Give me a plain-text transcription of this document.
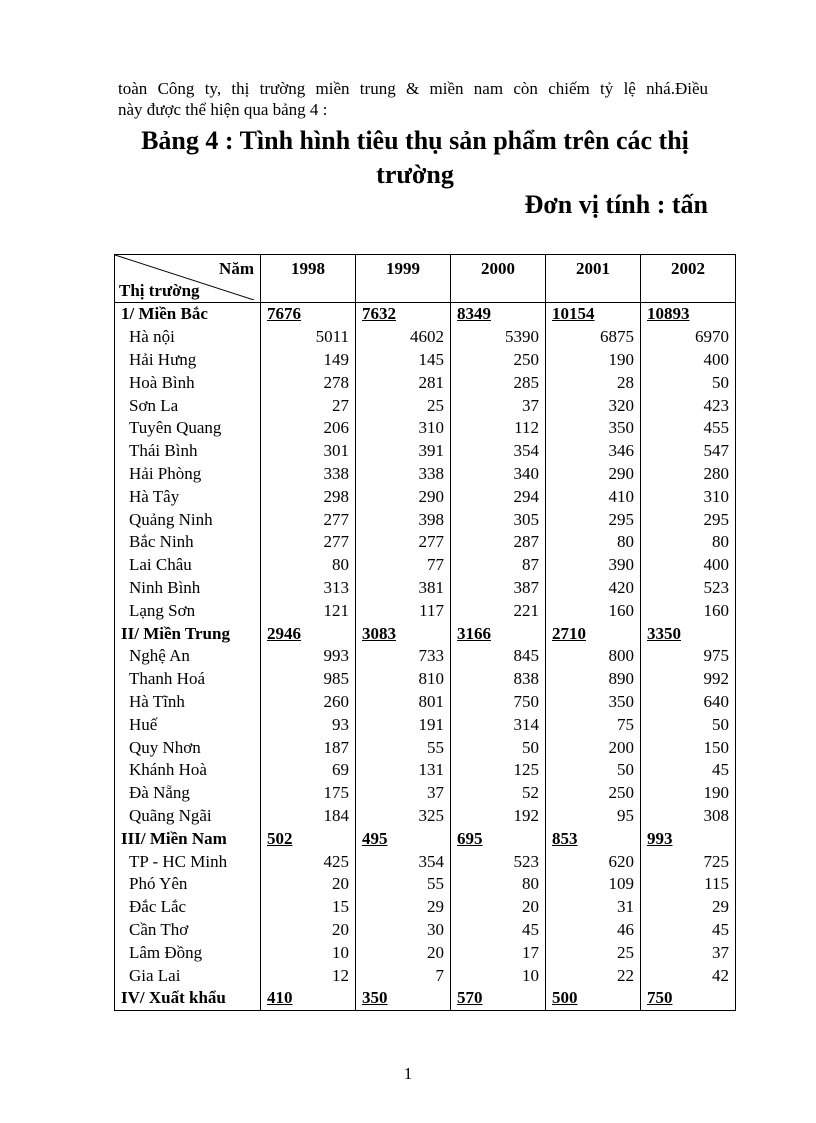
toàn Công ty, thị trường miền trung & miền nam còn chiếm tỷ lệ nhá.Điều

này được thể hiện qua bảng 4 :

Bảng 4 : Tình hình tiêu thụ sản phẩm trên các thị
trường
Đơn vị tính : tấn
Năm
Thị trường	1998	1999	2000	2001	2002
1/ Miền Bắc	7676	7632	8349	10154	10893
Hà nội	5011	4602	5390	6875	6970
Hải Hưng	149	145	250	190	400
Hoà Bình	278	281	285	28	50
Sơn La	27	25	37	320	423
Tuyên Quang	206	310	112	350	455
Thái Bình	301	391	354	346	547
Hải Phòng	338	338	340	290	280
Hà Tây	298	290	294	410	310
Quảng Ninh	277	398	305	295	295
Bắc Ninh	277	277	287	80	80
Lai Châu	80	77	87	390	400
Ninh Bình	313	381	387	420	523
Lạng Sơn	121	117	221	160	160
II/ Miền Trung	2946	3083	3166	2710	3350
Nghệ An	993	733	845	800	975
Thanh Hoá	985	810	838	890	992
Hà Tĩnh	260	801	750	350	640
Huế	93	191	314	75	50
Quy Nhơn	187	55	50	200	150
Khánh Hoà	69	131	125	50	45
Đà Nẵng	175	37	52	250	190
Quãng Ngãi	184	325	192	95	308
III/ Miền Nam	502	495	695	853	993
TP - HC Minh	425	354	523	620	725
Phó Yên	20	55	80	109	115
Đắc Lắc	15	29	20	31	29
Cần Thơ	20	30	45	46	45
Lâm Đồng	10	20	17	25	37
Gia Lai	12	7	10	22	42
IV/ Xuất khẩu	410	350	570	500	750
1
